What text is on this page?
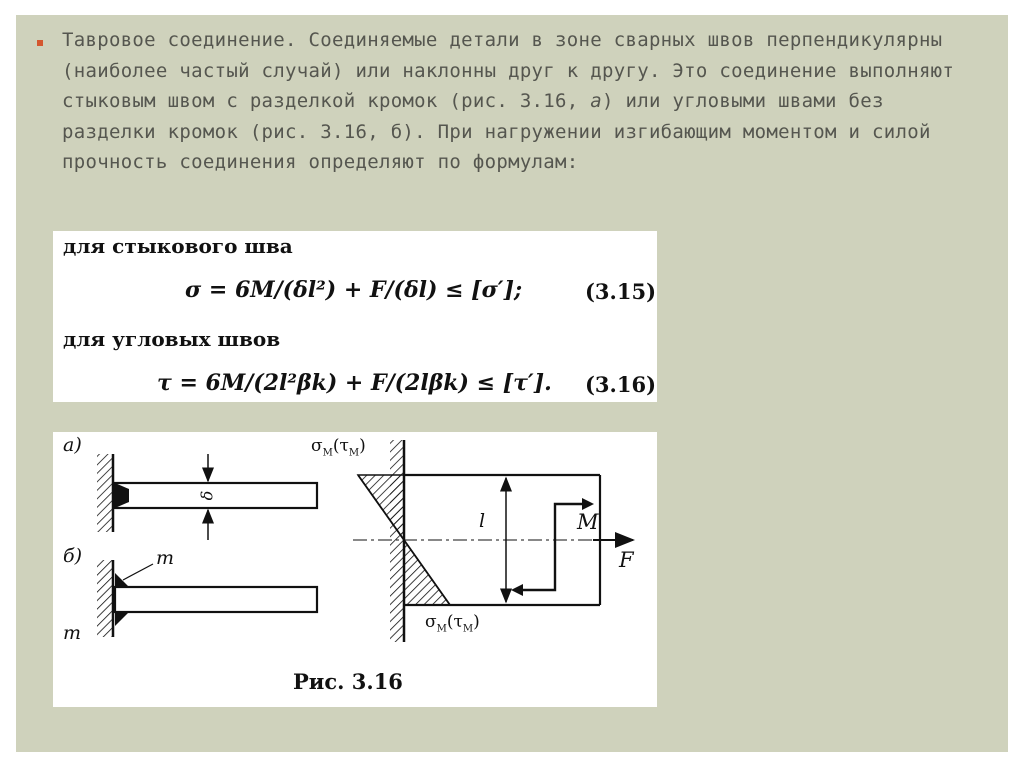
Тавровое соединение. Соединяемые детали в зоне сварных швов перпендикулярны (наиболее частый случай) или наклонны друг к другу. Это соединение выполняют стыковым швом с разделкой кромок (рис. 3.16, а) или угловыми швами без разделки кромок (рис. 3.16, б). При нагружении изгибающим моментом и силой прочность соединения определяют по формулам:

для стыкового шва
σ = 6M/(δl²) + F/(δl) ≤ [σ′];	(3.15)
для угловых швов
τ = 6M/(2l²βk) + F/(2lβk) ≤ [τ′]. (3.16)
а)
б)
δ
m
m
$\sigma_M(\tau_M)$
$\sigma_M(\tau_M)$
l	M
F
Рис. 3.16
